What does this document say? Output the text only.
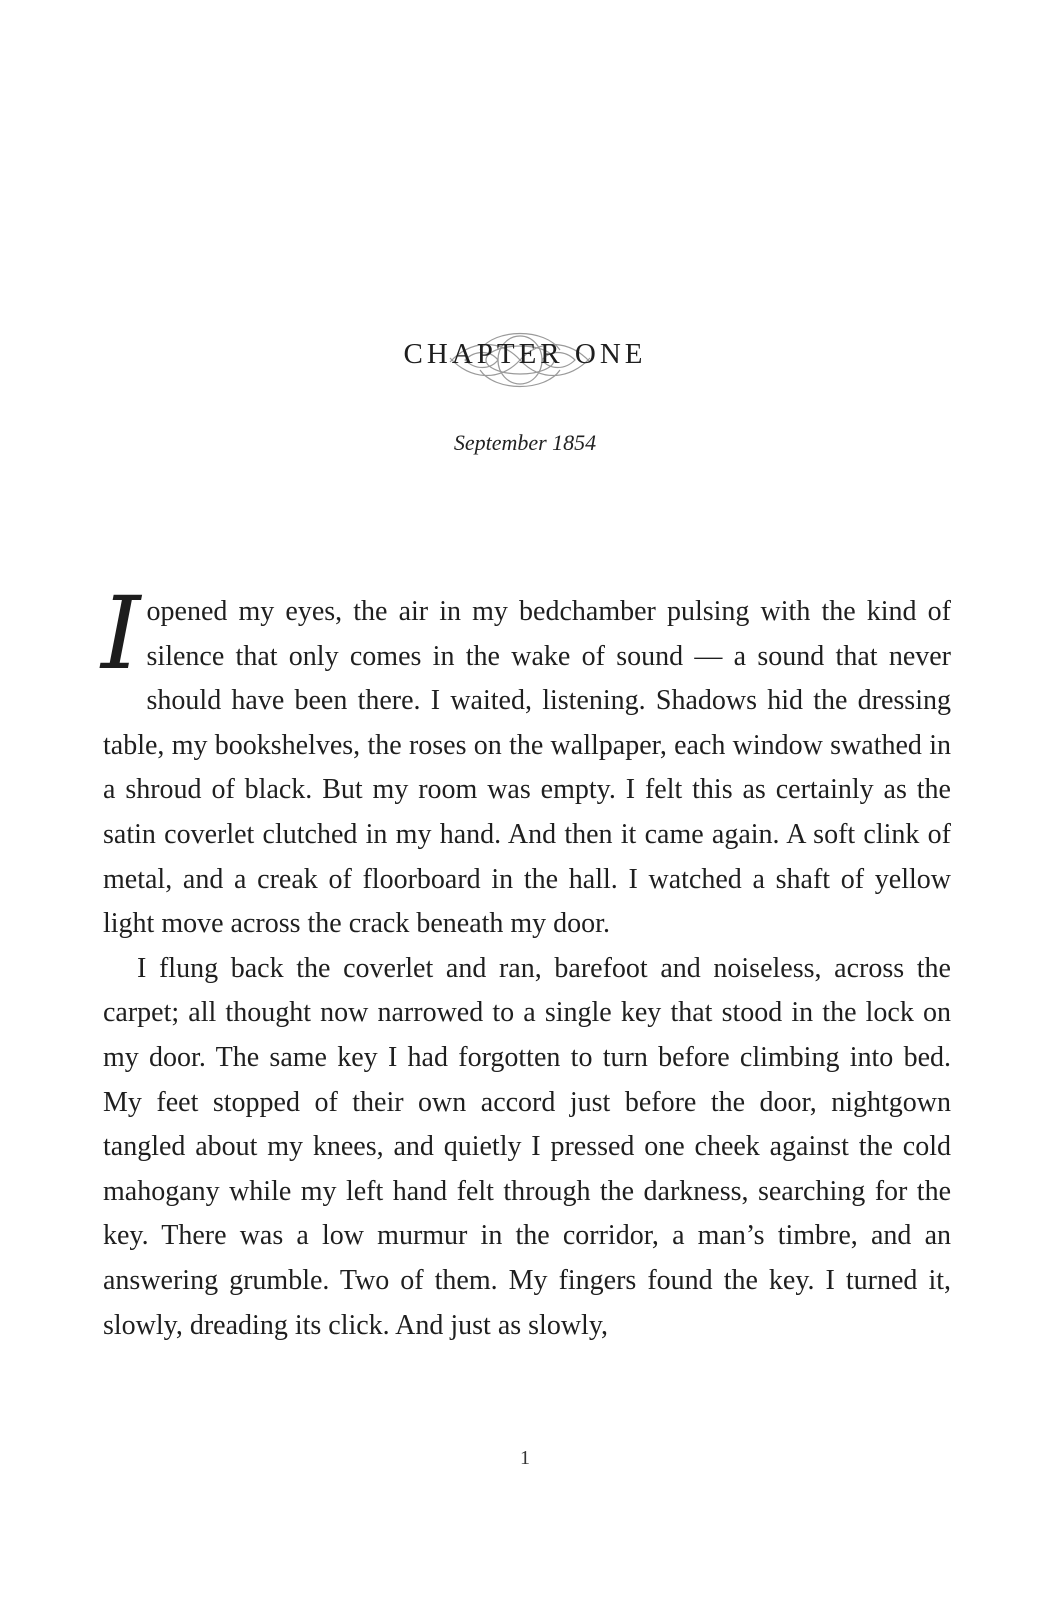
CHAPTER ONE
September 1854

Iopened my eyes, the air in my bedchamber pulsing with the kind of silence that only comes in the wake of sound — a sound that never should have been there. I waited, listening. Shadows hid the dressing table, my bookshelves, the roses on the wallpaper, each window swathed in a shroud of black. But my room was empty. I felt this as certainly as the satin coverlet clutched in my hand. And then it came again. A soft clink of metal, and a creak of floorboard in the hall. I watched a shaft of yellow light move across the crack beneath my door.

I flung back the coverlet and ran, barefoot and noiseless, across the carpet; all thought now narrowed to a single key that stood in the lock on my door. The same key I had forgotten to turn before climbing into bed. My feet stopped of their own accord just before the door, nightgown tangled about my knees, and quietly I pressed one cheek against the cold mahogany while my left hand felt through the darkness, searching for the key. There was a low murmur in the corridor, a man’s timbre, and an answering grumble. Two of them. My fingers found the key. I turned it, slowly, dreading its click. And just as slowly,

1
